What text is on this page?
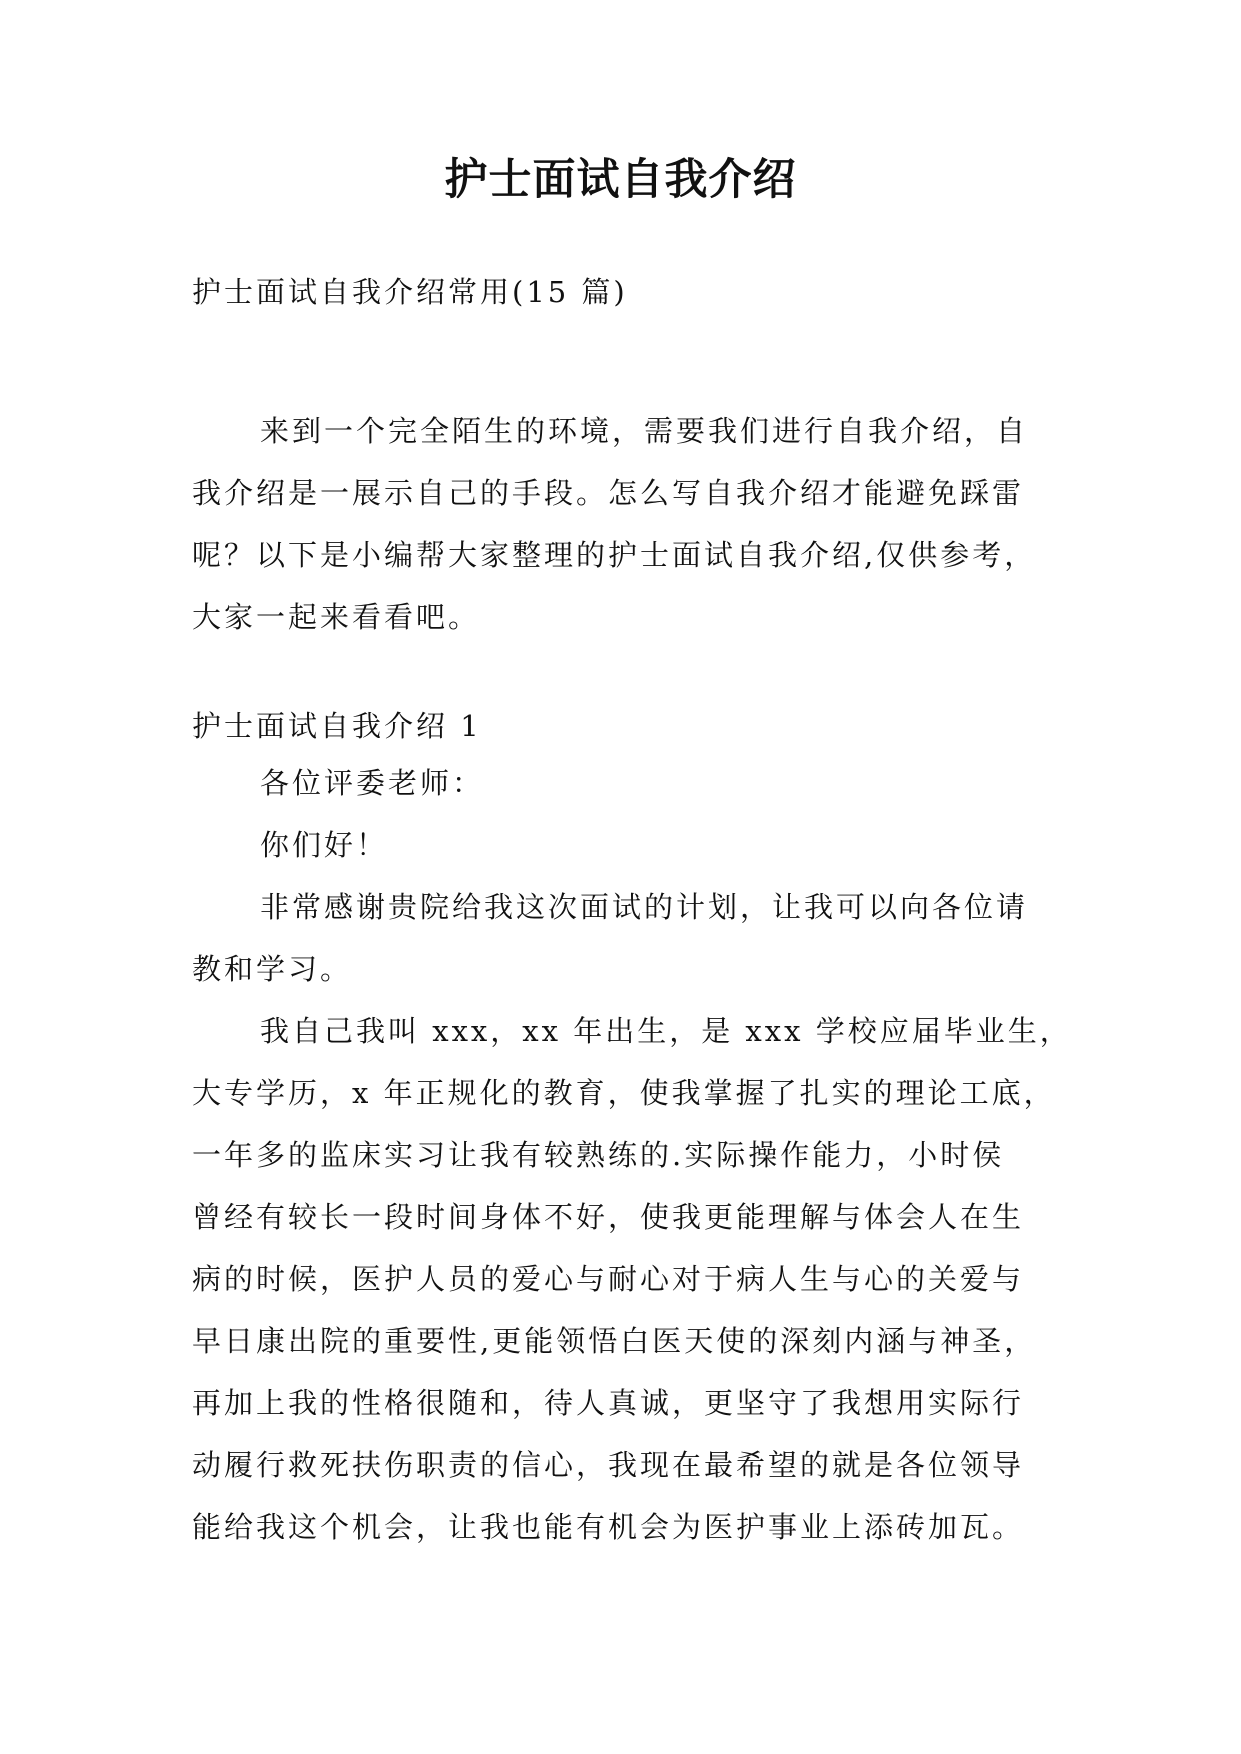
护士面试自我介绍
护士面试自我介绍常用(15 篇)
来到一个完全陌生的环境，需要我们进行自我介绍，自
我介绍是一展示自己的手段。怎么写自我介绍才能避免踩雷
呢？以下是小编帮大家整理的护士面试自我介绍,仅供参考，
大家一起来看看吧。
护士面试自我介绍 1
各位评委老师：
你们好！
非常感谢贵院给我这次面试的计划，让我可以向各位请
教和学习。
我自己我叫 xxx，xx 年出生，是 xxx 学校应届毕业生，
大专学历，x 年正规化的教育，使我掌握了扎实的理论工底，
一年多的监床实习让我有较熟练的.实际操作能力，小时侯
曾经有较长一段时间身体不好，使我更能理解与体会人在生
病的时候，医护人员的爱心与耐心对于病人生与心的关爱与
早日康出院的重要性,更能领悟白医天使的深刻内涵与神圣，
再加上我的性格很随和，待人真诚，更坚守了我想用实际行
动履行救死扶伤职责的信心，我现在最希望的就是各位领导
能给我这个机会，让我也能有机会为医护事业上添砖加瓦。
